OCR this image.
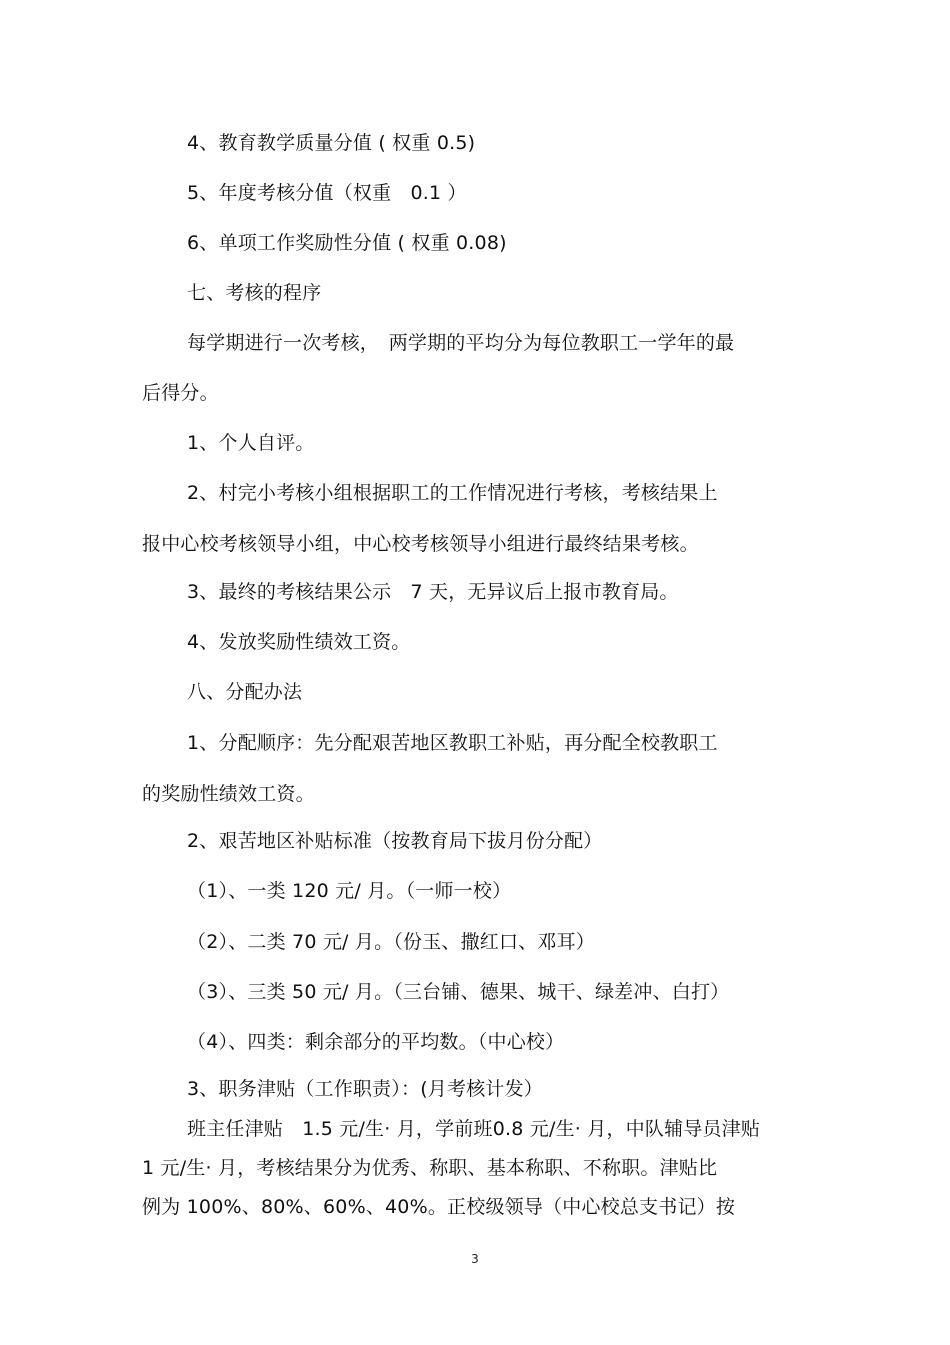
4、教育教学质量分值 ( 权重 0.5)
5、年度考核分值（权重　0.1 ）
6、单项工作奖励性分值 ( 权重 0.08)
七、考核的程序
每学期进行一次考核，　两学期的平均分为每位教职工一学年的最
后得分。
1、个人自评。
2、村完小考核小组根据职工的工作情况进行考核，考核结果上
报中心校考核领导小组，中心校考核领导小组进行最终结果考核。
3、最终的考核结果公示　7 天，无异议后上报市教育局。
4、发放奖励性绩效工资。
八、分配办法
1、分配顺序：先分配艰苦地区教职工补贴，再分配全校教职工
的奖励性绩效工资。
2、艰苦地区补贴标准（按教育局下拔月份分配）
（1）、一类 120 元/ 月。（一师一校）
（2）、二类 70 元/ 月。（份玉、撒红口、邓耳）
（3）、三类 50 元/ 月。（三台铺、德果、城干、绿差冲、白打）
（4）、四类：剩余部分的平均数。（中心校）
3、职务津贴（工作职责）：(月考核计发）
班主任津贴　1.5 元/生· 月，学前班0.8 元/生· 月，中队辅导员津贴
1 元/生· 月，考核结果分为优秀、称职、基本称职、不称职。津贴比
例为 100%、80%、60%、40%。正校级领导（中心校总支书记）按
3
